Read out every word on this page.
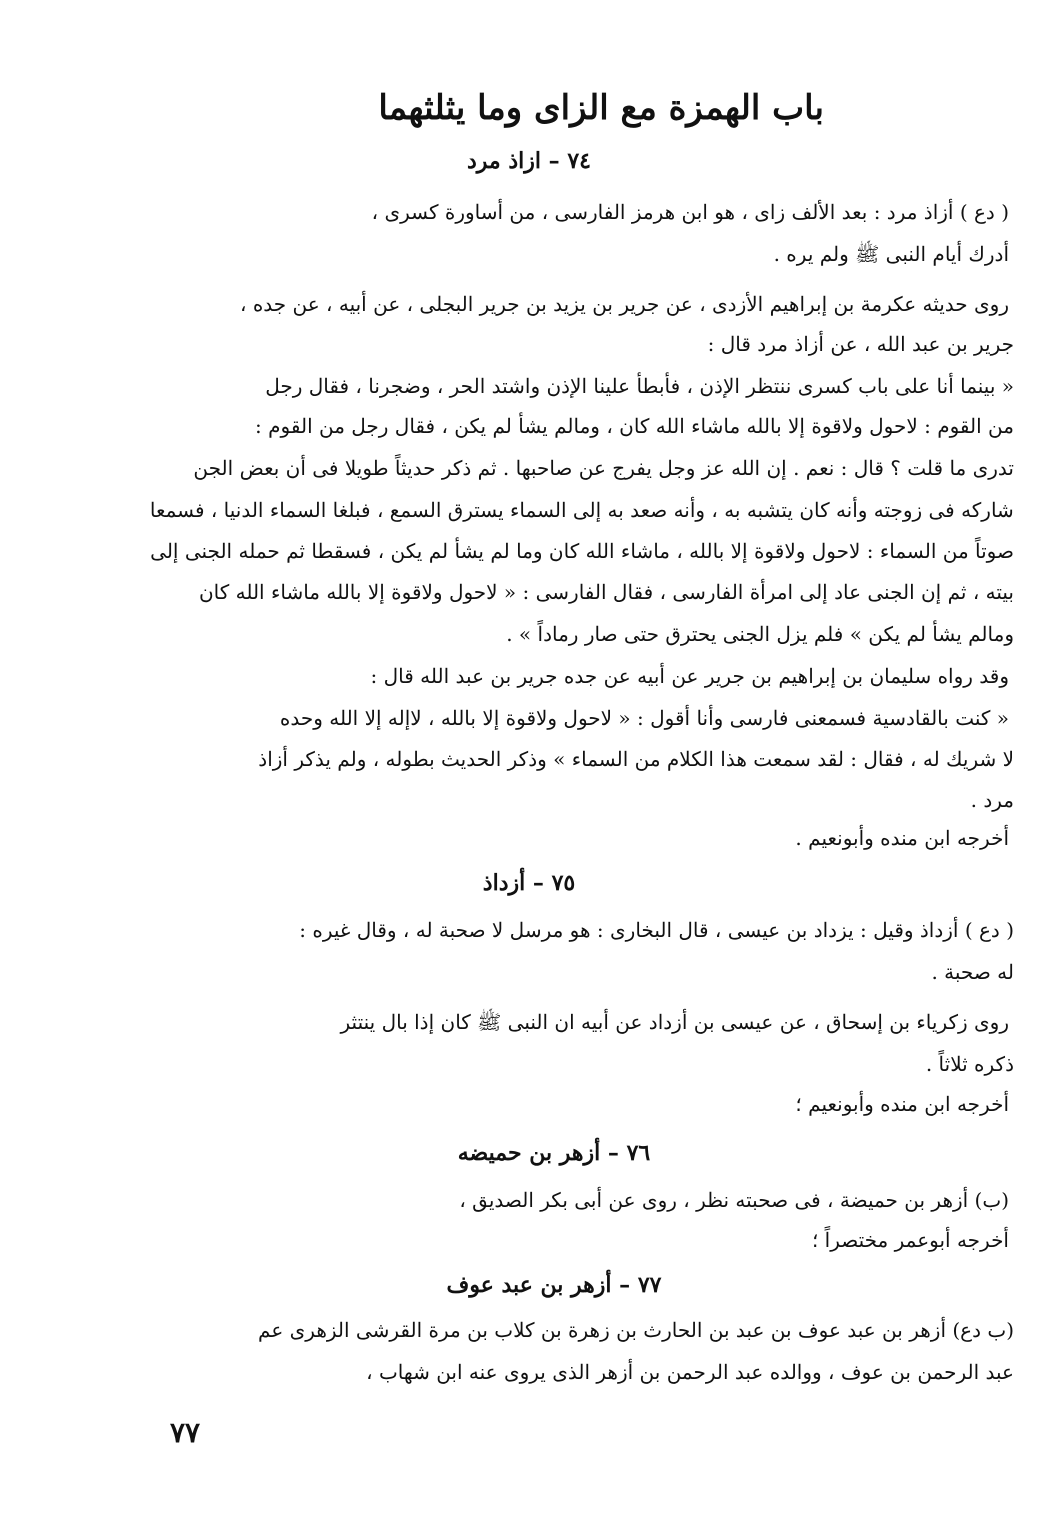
باب الهمزة مع الزاى وما يثلثهما
٧٤ – ازاذ مرد
( دع ) أزاذ مرد : بعد الألف زاى ، هو ابن هرمز الفارسى ، من أساورة كسرى ،
أدرك أيام النبى ﷺ ولم يره .
روى حديثه عكرمة بن إبراهيم الأزدى ، عن جرير بن يزيد بن جرير البجلى ، عن أبيه ، عن جده ،
جرير بن عبد الله ، عن أزاذ مرد قال :
« بينما أنا على باب كسرى ننتظر الإذن ، فأبطأ علينا الإذن واشتد الحر ، وضجرنا ، فقال رجل
من القوم : لاحول ولاقوة إلا بالله ماشاء الله كان ، ومالم يشأ لم يكن ، فقال رجل من القوم :
تدرى ما قلت ؟ قال : نعم . إن الله عز وجل يفرج عن صاحبها . ثم ذكر حديثاً طويلا فى أن بعض الجن
شاركه فى زوجته وأنه كان يتشبه به ، وأنه صعد به إلى السماء يسترق السمع ، فبلغا السماء الدنيا ، فسمعا
صوتاً من السماء : لاحول ولاقوة إلا بالله ، ماشاء الله كان وما لم يشأ لم يكن ، فسقطا ثم حمله الجنى إلى
بيته ، ثم إن الجنى عاد إلى امرأة الفارسى ، فقال الفارسى : « لاحول ولاقوة إلا بالله ماشاء الله كان
ومالم يشأ لم يكن » فلم يزل الجنى يحترق حتى صار رماداً » .
وقد رواه سليمان بن إبراهيم بن جرير عن أبيه عن جده جرير بن عبد الله قال :
« كنت بالقادسية فسمعنى فارسى وأنا أقول : « لاحول ولاقوة إلا بالله ، لاإله إلا الله وحده
لا شريك له ، فقال : لقد سمعت هذا الكلام من السماء » وذكر الحديث بطوله ، ولم يذكر أزاذ
مرد .
أخرجه ابن منده وأبونعيم .
٧٥ – أزداذ
( دع ) أزداذ وقيل : يزداد بن عيسى ، قال البخارى : هو مرسل لا صحبة له ، وقال غيره :
له صحبة .
روى زكرياء بن إسحاق ، عن عيسى بن أزداد عن أبيه ان النبى ﷺ كان إذا بال ينتثر
ذكره ثلاثاً .
أخرجه ابن منده وأبونعيم ؛
٧٦ – أزهر بن حميضه
(ب) أزهر بن حميضة ، فى صحبته نظر ، روى عن أبى بكر الصديق ،
أخرجه أبوعمر مختصراً ؛
٧٧ – أزهر بن عبد عوف
(ب دع) أزهر بن عبد عوف بن عبد بن الحارث بن زهرة بن كلاب بن مرة القرشى الزهرى عم
عبد الرحمن بن عوف ، ووالده عبد الرحمن بن أزهر الذى يروى عنه ابن شهاب ،
٧٧
